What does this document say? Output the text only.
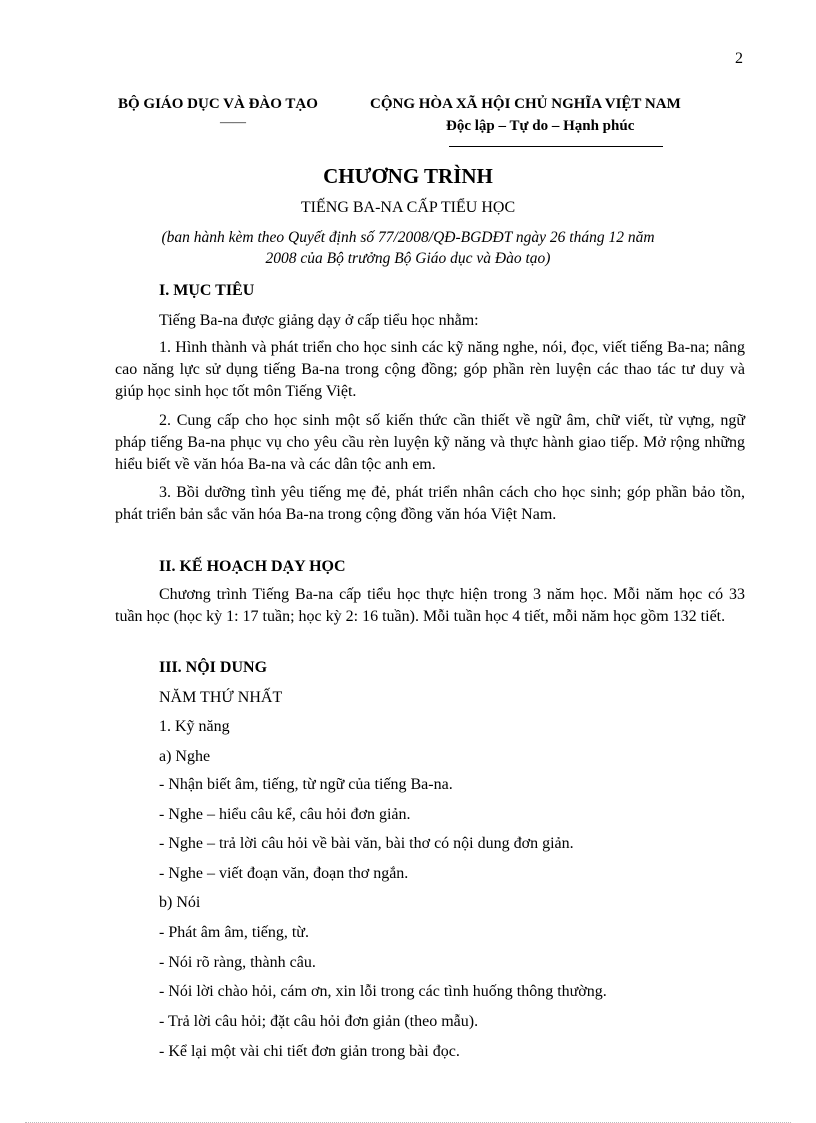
2
BỘ GIÁO DỤC VÀ ĐÀO TẠO
——
CỘNG HÒA XÃ HỘI CHỦ NGHĨA VIỆT NAM
Độc lập – Tự do – Hạnh phúc
CHƯƠNG TRÌNH
TIẾNG BA-NA CẤP TIỂU HỌC
(ban hành kèm theo Quyết định số 77/2008/QĐ-BGDĐT ngày 26 tháng 12 năm
2008 của Bộ trưởng Bộ Giáo dục và Đào tạo)
I. MỤC TIÊU
Tiếng Ba-na được giảng dạy ở cấp tiểu học nhằm:
1. Hình thành và phát triển cho học sinh các kỹ năng nghe, nói, đọc, viết tiếng Ba-na; nâng cao năng lực sử dụng tiếng Ba-na trong cộng đồng; góp phần rèn luyện các thao tác tư duy và giúp học sinh học tốt môn Tiếng Việt.
2. Cung cấp cho học sinh một số kiến thức cần thiết về ngữ âm, chữ viết, từ vựng, ngữ pháp tiếng Ba-na phục vụ cho yêu cầu rèn luyện kỹ năng và thực hành giao tiếp. Mở rộng những hiểu biết về văn hóa Ba-na và các dân tộc anh em.
3. Bồi dưỡng tình yêu tiếng mẹ đẻ, phát triển nhân cách cho học sinh; góp phần bảo tồn, phát triển bản sắc văn hóa Ba-na trong cộng đồng văn hóa Việt Nam.
II. KẾ HOẠCH DẠY HỌC
Chương trình Tiếng Ba-na cấp tiểu học thực hiện trong 3 năm học. Mỗi năm học có 33 tuần học (học kỳ 1: 17 tuần; học kỳ 2: 16 tuần). Mỗi tuần học 4 tiết, mỗi năm học gồm 132 tiết.
III. NỘI DUNG
NĂM THỨ NHẤT
1. Kỹ năng
a) Nghe
- Nhận biết âm, tiếng, từ ngữ của tiếng Ba-na.
- Nghe – hiểu câu kể, câu hỏi đơn giản.
- Nghe – trả lời câu hỏi về bài văn, bài thơ có nội dung đơn giản.
- Nghe – viết đoạn văn, đoạn thơ ngắn.
b) Nói
- Phát âm âm, tiếng, từ.
- Nói rõ ràng, thành câu.
- Nói lời chào hỏi, cám ơn, xin lỗi trong các tình huống thông thường.
- Trả lời câu hỏi; đặt câu hỏi đơn giản (theo mẫu).
- Kể lại một vài chi tiết đơn giản trong bài đọc.
